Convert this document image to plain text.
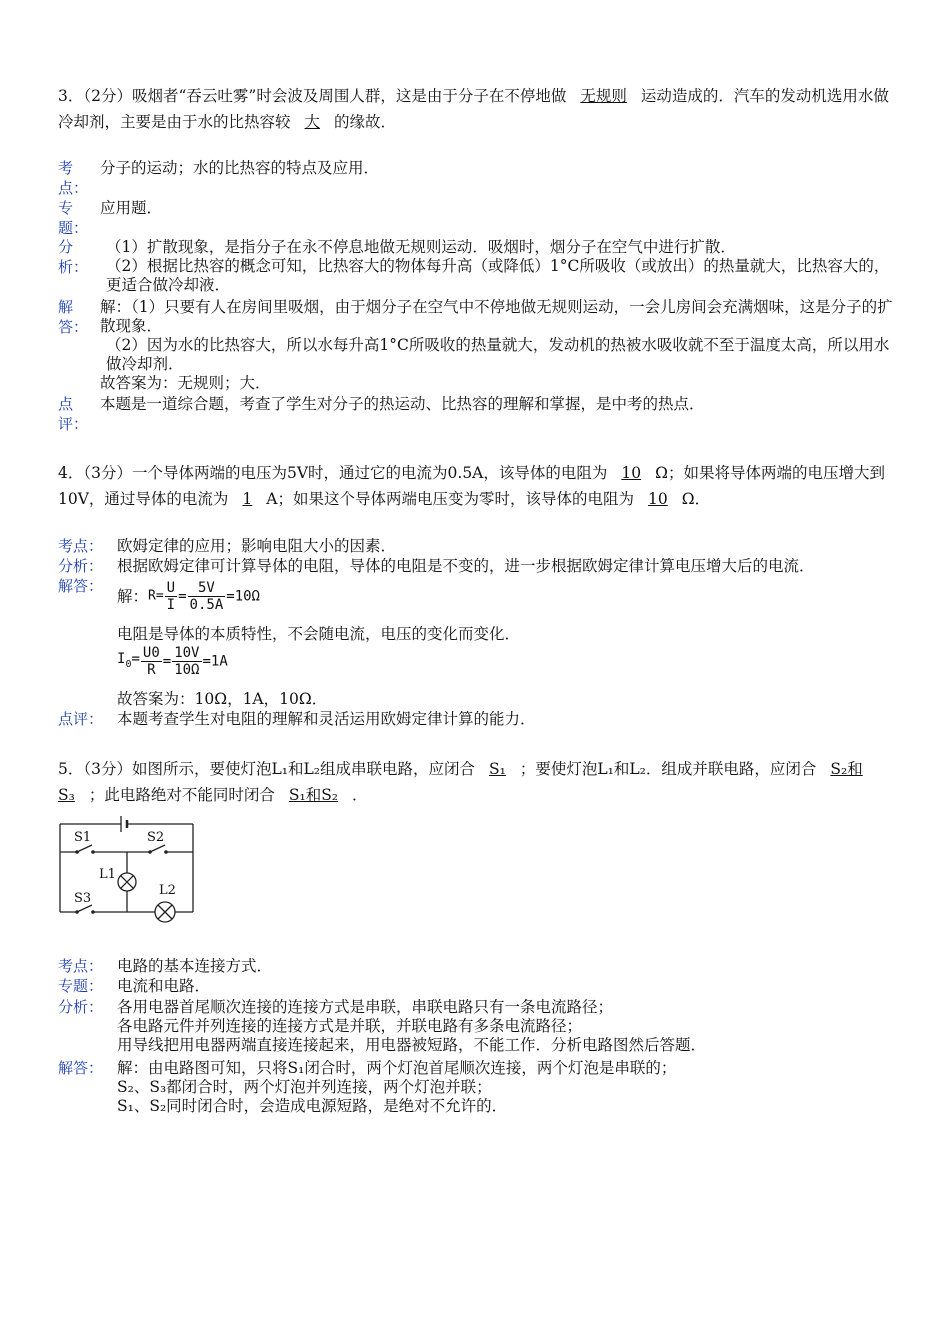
3．（2分）吸烟者“吞云吐雾”时会波及周围人群，这是由于分子在不停地做 无规则 运动造成的．汽车的发动机选用水做冷却剂，主要是由于水的比热容较 大 的缘故．
考点：
分子的运动；水的比热容的特点及应用．
专题：
应用题．
分析：
（1）扩散现象，是指分子在永不停息地做无规则运动．吸烟时，烟分子在空气中进行扩散．
（2）根据比热容的概念可知，比热容大的物体每升高（或降低）1°C所吸收（或放出）的热量就大，比热容大的，更适合做冷却液．
解答：
解：（1）只要有人在房间里吸烟，由于烟分子在空气中不停地做无规则运动，一会儿房间会充满烟味，这是分子的扩散现象．
（2）因为水的比热容大，所以水每升高1°C所吸收的热量就大，发动机的热被水吸收就不至于温度太高，所以用水做冷却剂．
故答案为：无规则；大．
点评：
本题是一道综合题，考查了学生对分子的热运动、比热容的理解和掌握，是中考的热点．
4．（3分）一个导体两端的电压为5V时，通过它的电流为0.5A，该导体的电阻为 10 Ω；如果将导体两端的电压增大到10V，通过导体的电流为 1 A；如果这个导体两端电压变为零时，该导体的电阻为 10 Ω．
考点： 欧姆定律的应用；影响电阻大小的因素．
分析： 根据欧姆定律可计算导体的电阻，导体的电阻是不变的，进一步根据欧姆定律计算电压增大后的电流．
解答：
解：$R= \frac{U}{I} = \frac{5V}{0.5A} =10\Omega$
电阻是导体的本质特性，不会随电流，电压的变化而变化．
$I_0= \frac{U0}{R} = \frac{10V}{10\Omega} =1A$
故答案为：10Ω，1A，10Ω．
点评： 本题考查学生对电阻的理解和灵活运用欧姆定律计算的能力．
5．（3分）如图所示，要使灯泡L₁和L₂组成串联电路，应闭合 S₁ ；要使灯泡L₁和L₂．组成并联电路，应闭合 S₂和S₃ ；此电路绝对不能同时闭合 S₁和S₂ ．
S1	S2
L1
L2
S3
考点： 电路的基本连接方式．
专题： 电流和电路．
分析： 各用电器首尾顺次连接的连接方式是串联，串联电路只有一条电流路径；
各电路元件并列连接的连接方式是并联，并联电路有多条电流路径；
用导线把用电器两端直接连接起来，用电器被短路，不能工作．分析电路图然后答题．
解答： 解：由电路图可知，只将S₁闭合时，两个灯泡首尾顺次连接，两个灯泡是串联的；
S₂、S₃都闭合时，两个灯泡并列连接，两个灯泡并联；
S₁、S₂同时闭合时，会造成电源短路，是绝对不允许的．
